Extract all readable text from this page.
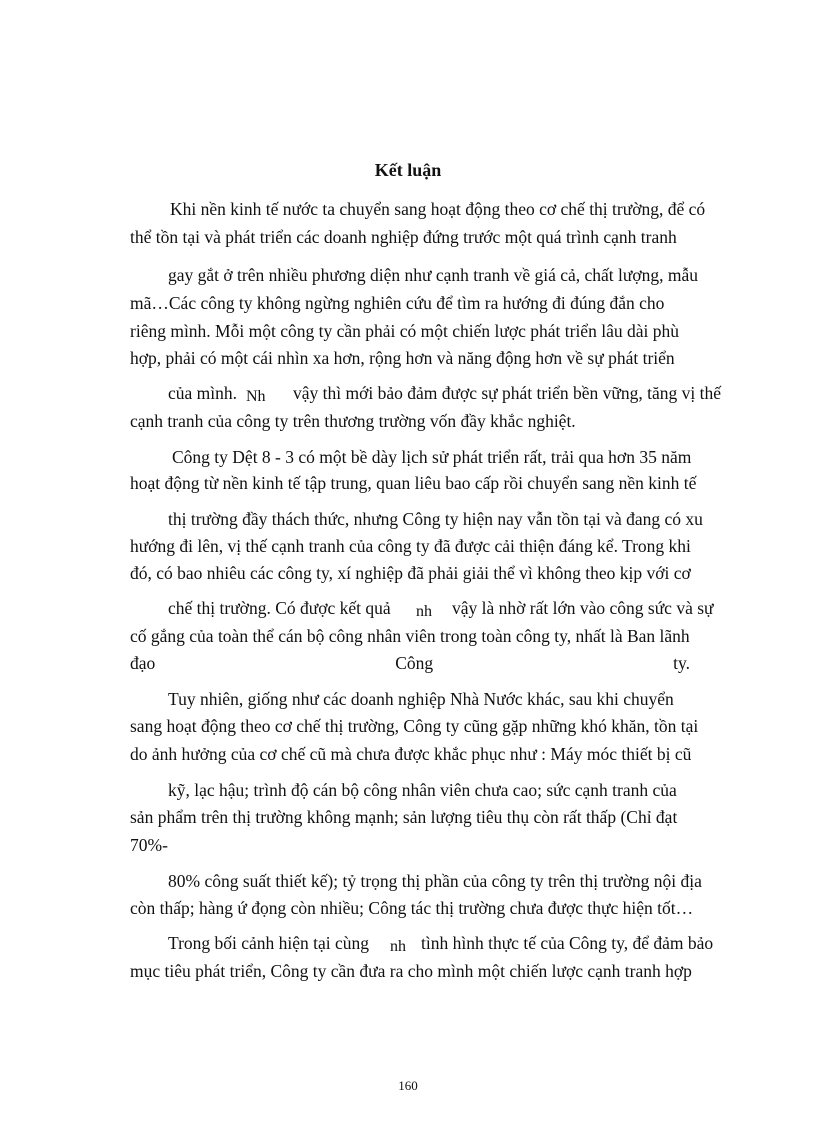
Kết luận
Khi nền kinh tế nước ta chuyển sang hoạt động theo cơ chế thị trường, để có
thể tồn tại và phát triển các doanh nghiệp đứng trước một quá trình cạnh tranh
gay gắt ở trên nhiều phương diện như cạnh tranh về giá cả, chất lượng, mẫu
mã…Các công ty không ngừng nghiên cứu để tìm ra hướng đi đúng đắn cho
riêng mình. Mỗi một công ty cần phải có một chiến lược phát triển lâu dài phù
hợp, phải có một cái nhìn xa hơn, rộng hơn và năng động hơn về sự phát triển
của mình. Nh vậy thì mới bảo đảm được sự phát triển bền vững, tăng vị thế
cạnh tranh của công ty trên thương trường vốn đầy khắc nghiệt.
Công ty Dệt 8 - 3 có một bề dày lịch sử phát triển rất, trải qua hơn 35 năm
hoạt động từ nền kinh tế tập trung, quan liêu bao cấp rồi chuyển sang nền kinh tế
thị trường đầy thách thức, nhưng Công ty hiện nay vẫn tồn tại và đang có xu
hướng đi lên, vị thế cạnh tranh của công ty đã được cải thiện đáng kể. Trong khi
đó, có bao nhiêu các công ty, xí nghiệp đã phải giải thể vì không theo kịp với cơ
chế thị trường. Có được kết quả nh vậy là nhờ rất lớn vào công sức và sự
cố gắng của toàn thể cán bộ công nhân viên trong toàn công ty, nhất là Ban lãnh
đạo	Công	ty.
Tuy nhiên, giống như các doanh nghiệp Nhà Nước khác, sau khi chuyển
sang hoạt động theo cơ chế thị trường, Công ty cũng gặp những khó khăn, tồn tại
do ảnh hưởng của cơ chế cũ mà chưa được khắc phục như : Máy móc thiết bị cũ
kỹ, lạc hậu; trình độ cán bộ công nhân viên chưa cao; sức cạnh tranh của
sản phẩm trên thị trường không mạnh; sản lượng tiêu thụ còn rất thấp (Chỉ đạt
70%-
80% công suất thiết kế); tỷ trọng thị phần của công ty trên thị trường nội địa
còn thấp; hàng ứ đọng còn nhiều; Công tác thị trường chưa được thực hiện tốt…
Trong bối cảnh hiện tại cùng nh tình hình thực tế của Công ty, để đảm bảo
mục tiêu phát triển, Công ty cần đưa ra cho mình một chiến lược cạnh tranh hợp
160
